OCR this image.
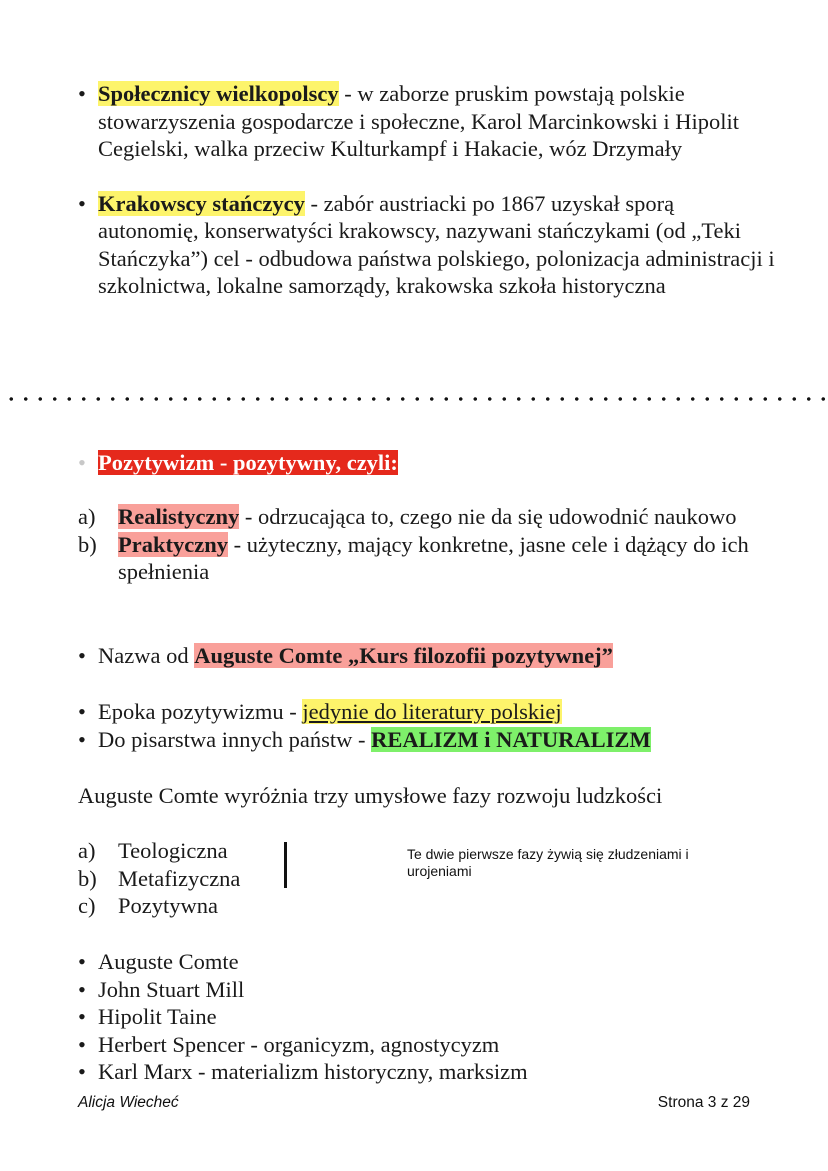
• Społecznicy wielkopolscy - w zaborze pruskim powstają polskie stowarzyszenia gospodarcze i społeczne, Karol Marcinkowski i Hipolit Cegielski, walka przeciw Kulturkampf i Hakacie, wóz Drzymały
• Krakowscy stańczycy - zabór austriacki po 1867 uzyskał sporą autonomię, konserwatyści krakowscy, nazywani stańczykami (od „Teki Stańczyka”) cel - odbudowa państwa polskiego, polonizacja administracji i szkolnictwa, lokalne samorządy, krakowska szkoła historyczna
• Pozytywizm - pozytywny, czyli:
a) Realistyczny - odrzucająca to, czego nie da się udowodnić naukowo
b) Praktyczny - użyteczny, mający konkretne, jasne cele i dążący do ich spełnienia
• Nazwa od Auguste Comte „Kurs filozofii pozytywnej”
• Epoka pozytywizmu - jedynie do literatury polskiej
• Do pisarstwa innych państw - REALIZM i NATURALIZM
Auguste Comte wyróżnia trzy umysłowe fazy rozwoju ludzkości
a) Teologiczna
b) Metafizyczna
c) Pozytywna
Te dwie pierwsze fazy żywią się złudzeniami i urojeniami
• Auguste Comte
• John Stuart Mill
• Hipolit Taine
• Herbert Spencer - organicyzm, agnostycyzm
• Karl Marx - materializm historyczny, marksizm
Alicja Wiecheć	Strona 3 z 29
